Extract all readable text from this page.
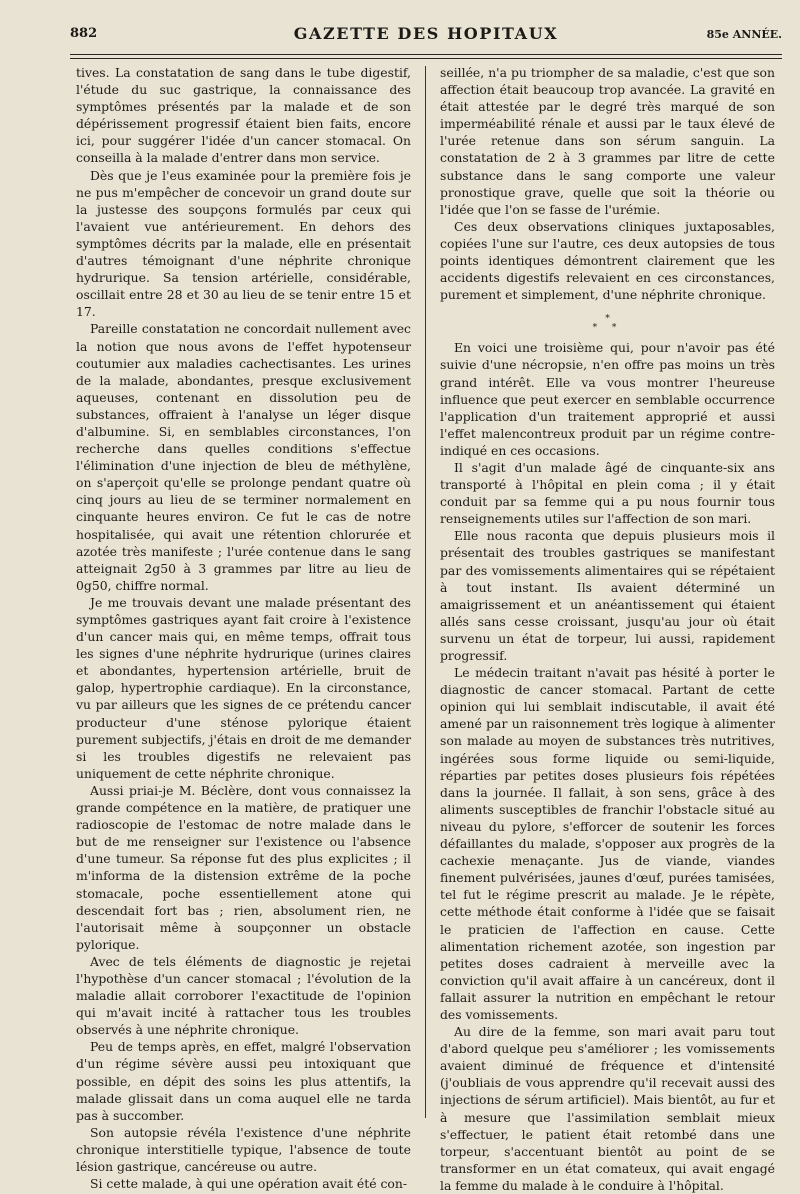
882	GAZETTE DES HOPITAUX	85e ANNÉE.

tives. La constatation de sang dans le tube digestif, l'étude du suc gastrique, la connaissance des symptômes présentés par la malade et de son dépérissement progressif étaient bien faits, encore ici, pour suggérer l'idée d'un cancer stomacal. On conseilla à la malade d'entrer dans mon service.

Dès que je l'eus examinée pour la première fois je ne pus m'empêcher de concevoir un grand doute sur la justesse des soupçons formulés par ceux qui l'avaient vue antérieurement. En dehors des symptômes décrits par la malade, elle en présentait d'autres témoignant d'une néphrite chronique hydrurique. Sa tension artérielle, considérable, oscillait entre 28 et 30 au lieu de se tenir entre 15 et 17.

Pareille constatation ne concordait nullement avec la notion que nous avons de l'effet hypotenseur coutumier aux maladies cachectisantes. Les urines de la malade, abondantes, presque exclusivement aqueuses, contenant en dissolution peu de substances, offraient à l'analyse un léger disque d'albumine. Si, en semblables circonstances, l'on recherche dans quelles conditions s'effectue l'élimination d'une injection de bleu de méthylène, on s'aperçoit qu'elle se prolonge pendant quatre où cinq jours au lieu de se terminer normalement en cinquante heures environ. Ce fut le cas de notre hospitalisée, qui avait une rétention chlorurée et azotée très manifeste ; l'urée contenue dans le sang atteignait 2g50 à 3 grammes par litre au lieu de 0g50, chiffre normal.

Je me trouvais devant une malade présentant des symptômes gastriques ayant fait croire à l'existence d'un cancer mais qui, en même temps, offrait tous les signes d'une néphrite hydrurique (urines claires et abondantes, hypertension artérielle, bruit de galop, hypertrophie cardiaque). En la circonstance, vu par ailleurs que les signes de ce prétendu cancer producteur d'une sténose pylorique étaient purement subjectifs, j'étais en droit de me demander si les troubles digestifs ne relevaient pas uniquement de cette néphrite chronique.

Aussi priai-je M. Béclère, dont vous connaissez la grande compétence en la matière, de pratiquer une radioscopie de l'estomac de notre malade dans le but de me renseigner sur l'existence ou l'absence d'une tumeur. Sa réponse fut des plus explicites ; il m'informa de la distension extrême de la poche stomacale, poche essentiellement atone qui descendait fort bas ; rien, absolument rien, ne l'autorisait même à soupçonner un obstacle pylorique.

Avec de tels éléments de diagnostic je rejetai l'hypothèse d'un cancer stomacal ; l'évolution de la maladie allait corroborer l'exactitude de l'opinion qui m'avait incité à rattacher tous les troubles observés à une néphrite chronique.

Peu de temps après, en effet, malgré l'observation d'un régime sévère aussi peu intoxiquant que possible, en dépit des soins les plus attentifs, la malade glissait dans un coma auquel elle ne tarda pas à succomber.

Son autopsie révéla l'existence d'une néphrite chronique interstitielle typique, l'absence de toute lésion gastrique, cancéreuse ou autre.

Si cette malade, à qui une opération avait été con-

seillée, n'a pu triompher de sa maladie, c'est que son affection était beaucoup trop avancée. La gravité en était attestée par le degré très marqué de son imperméabilité rénale et aussi par le taux élevé de l'urée retenue dans son sérum sanguin. La constatation de 2 à 3 grammes par litre de cette substance dans le sang comporte une valeur pronostique grave, quelle que soit la théorie ou l'idée que l'on se fasse de l'urémie.

Ces deux observations cliniques juxtaposables, copiées l'une sur l'autre, ces deux autopsies de tous points identiques démontrent clairement que les accidents digestifs relevaient en ces circonstances, purement et simplement, d'une néphrite chronique.

*
* *

En voici une troisième qui, pour n'avoir pas été suivie d'une nécropsie, n'en offre pas moins un très grand intérêt. Elle va vous montrer l'heureuse influence que peut exercer en semblable occurrence l'application d'un traitement approprié et aussi l'effet malencontreux produit par un régime contre-indiqué en ces occasions.

Il s'agit d'un malade âgé de cinquante-six ans transporté à l'hôpital en plein coma ; il y était conduit par sa femme qui a pu nous fournir tous renseignements utiles sur l'affection de son mari.

Elle nous raconta que depuis plusieurs mois il présentait des troubles gastriques se manifestant par des vomissements alimentaires qui se répétaient à tout instant. Ils avaient déterminé un amaigrissement et un anéantissement qui étaient allés sans cesse croissant, jusqu'au jour où était survenu un état de torpeur, lui aussi, rapidement progressif.

Le médecin traitant n'avait pas hésité à porter le diagnostic de cancer stomacal. Partant de cette opinion qui lui semblait indiscutable, il avait été amené par un raisonnement très logique à alimenter son malade au moyen de substances très nutritives, ingérées sous forme liquide ou semi-liquide, réparties par petites doses plusieurs fois répétées dans la journée. Il fallait, à son sens, grâce à des aliments susceptibles de franchir l'obstacle situé au niveau du pylore, s'efforcer de soutenir les forces défaillantes du malade, s'opposer aux progrès de la cachexie menaçante. Jus de viande, viandes finement pulvérisées, jaunes d'œuf, purées tamisées, tel fut le régime prescrit au malade. Je le répète, cette méthode était conforme à l'idée que se faisait le praticien de l'affection en cause. Cette alimentation richement azotée, son ingestion par petites doses cadraient à merveille avec la conviction qu'il avait affaire à un cancéreux, dont il fallait assurer la nutrition en empêchant le retour des vomissements.

Au dire de la femme, son mari avait paru tout d'abord quelque peu s'améliorer ; les vomissements avaient diminué de fréquence et d'intensité (j'oubliais de vous apprendre qu'il recevait aussi des injections de sérum artificiel). Mais bientôt, au fur et à mesure que l'assimilation semblait mieux s'effectuer, le patient était retombé dans une torpeur, s'accentuant bientôt au point de se transformer en un état comateux, qui avait engagé la femme du malade à le conduire à l'hôpital.
